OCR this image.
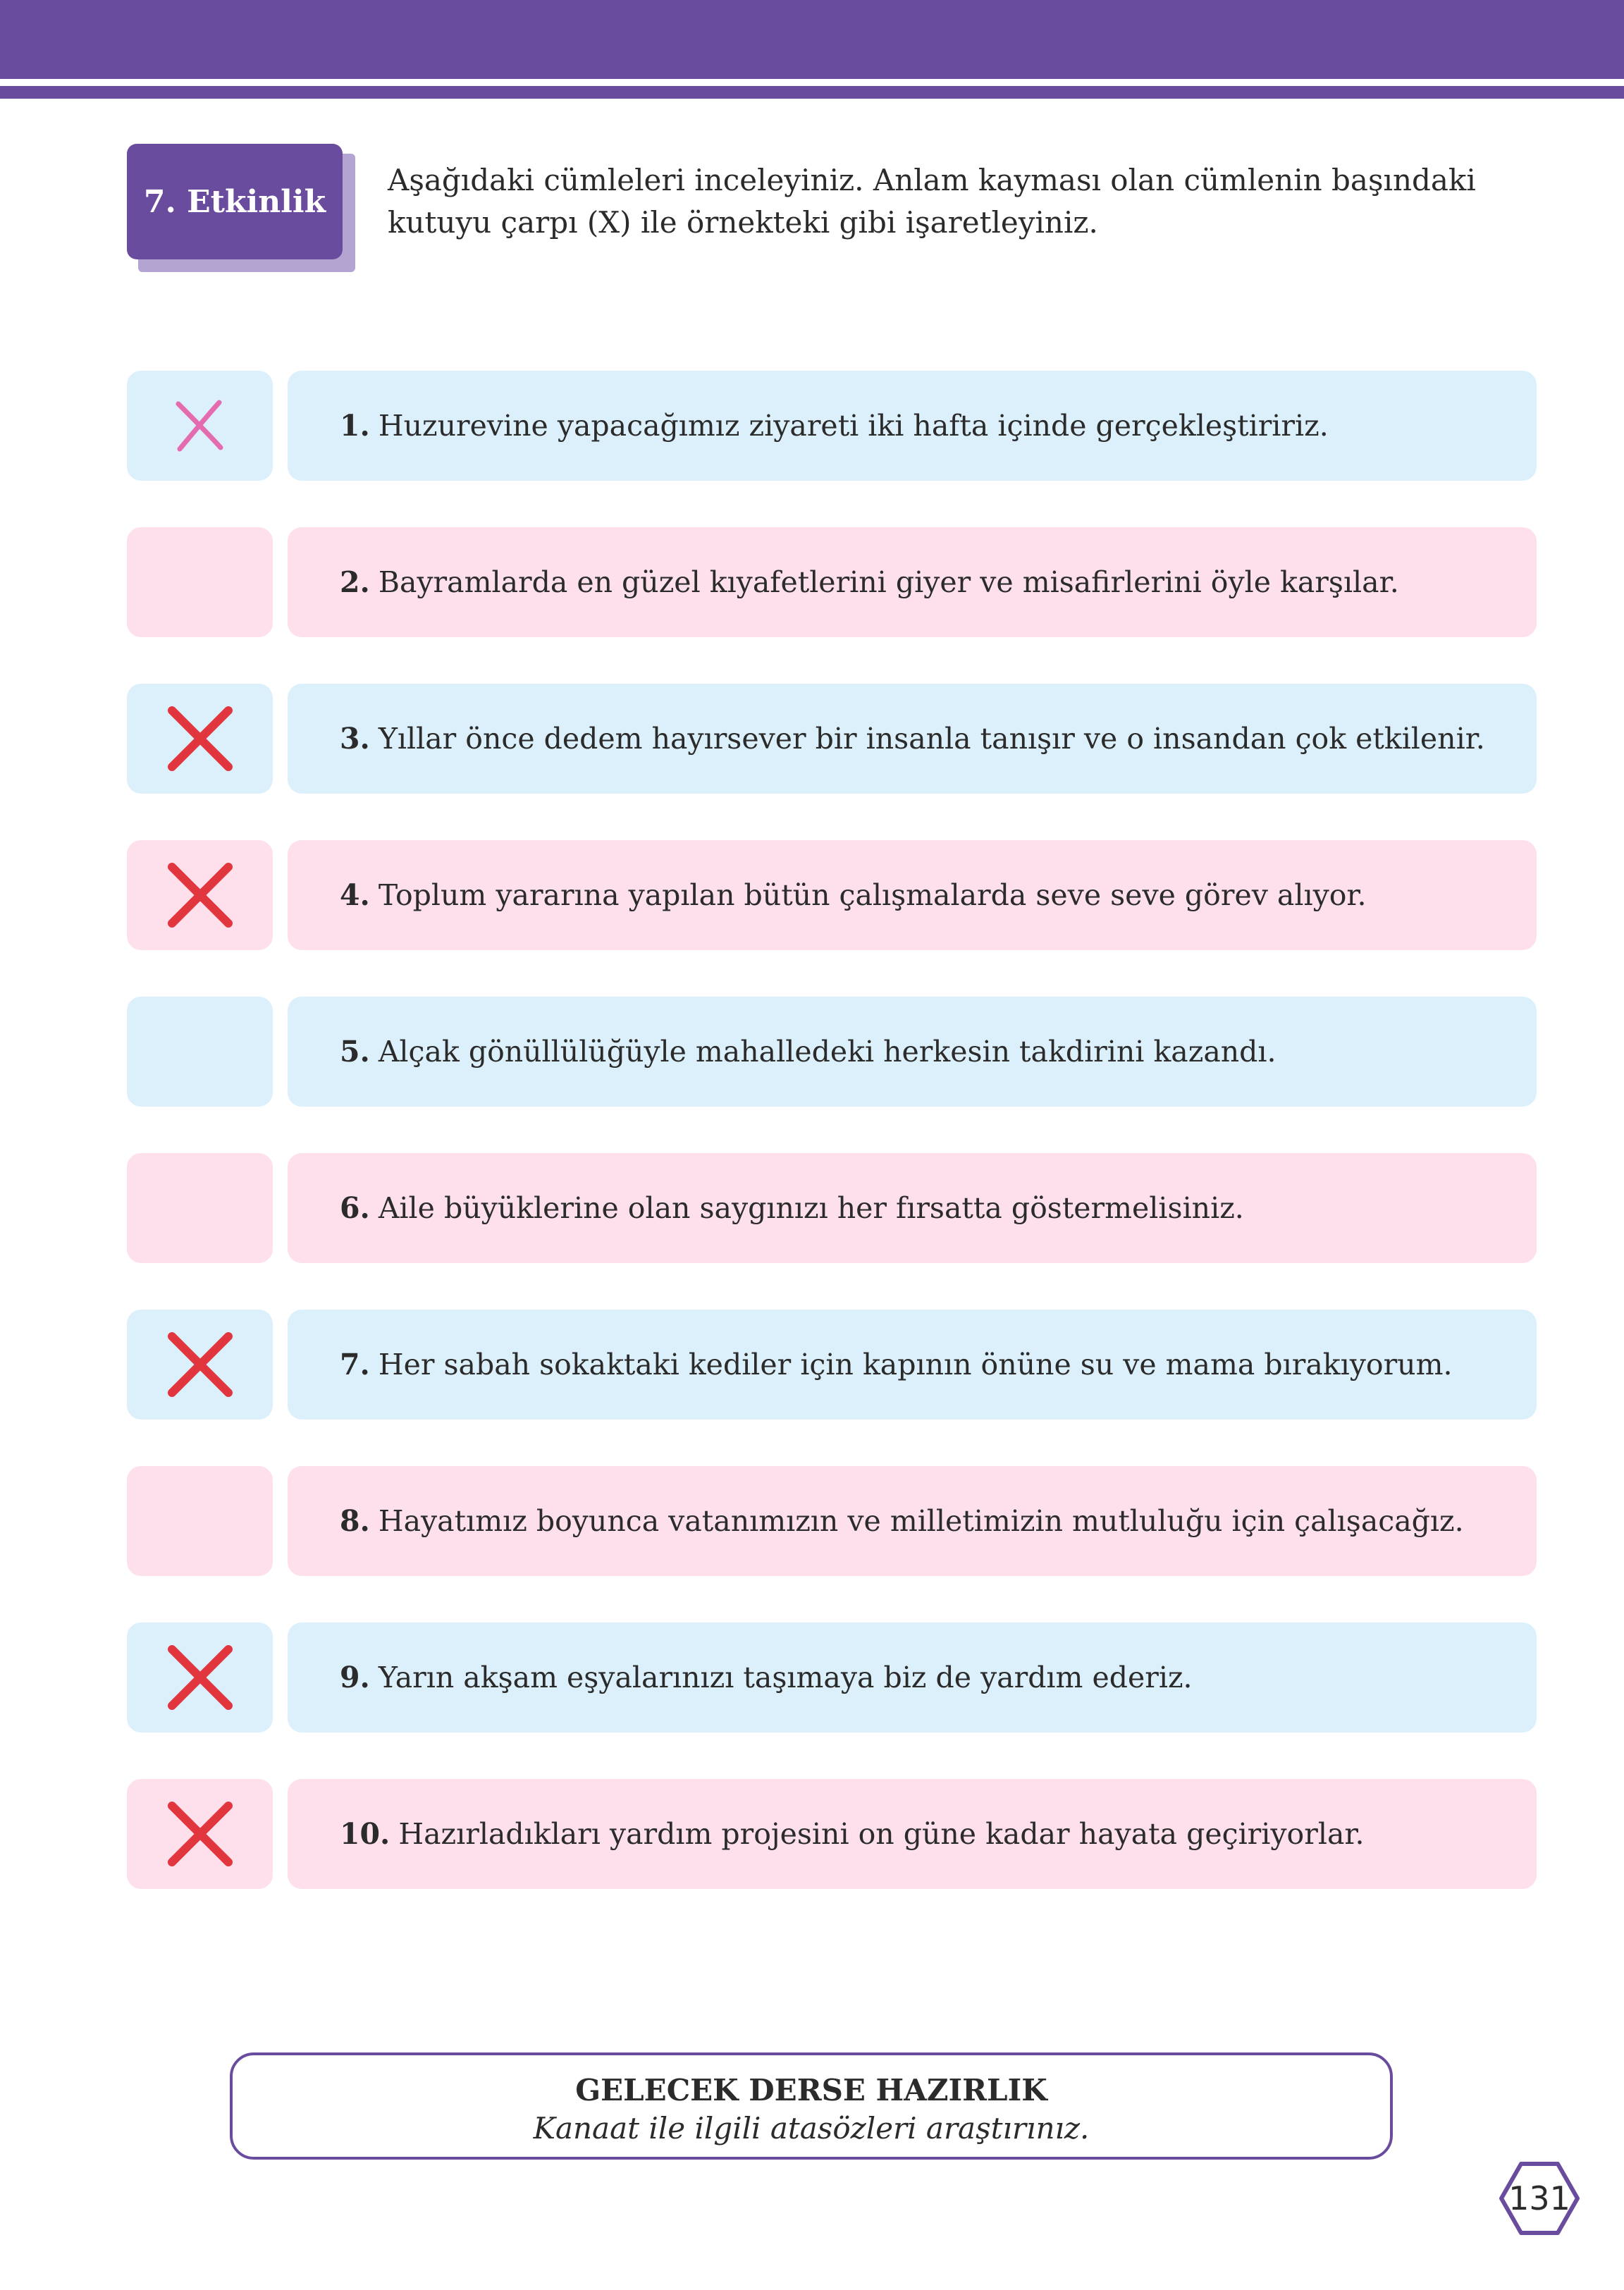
7. Etkinlik
Aşağıdaki cümleleri inceleyiniz. Anlam kayması olan cümlenin başındaki kutuyu çarpı (X) ile örnekteki gibi işaretleyiniz.
1. Huzurevine yapacağımız ziyareti iki hafta içinde gerçekleştiririz.
2. Bayramlarda en güzel kıyafetlerini giyer ve misafirlerini öyle karşılar.
3. Yıllar önce dedem hayırsever bir insanla tanışır ve o insandan çok etkilenir.
4. Toplum yararına yapılan bütün çalışmalarda seve seve görev alıyor.
5. Alçak gönüllülüğüyle mahalledeki herkesin takdirini kazandı.
6. Aile büyüklerine olan saygınızı her fırsatta göstermelisiniz.
7. Her sabah sokaktaki kediler için kapının önüne su ve mama bırakıyorum.
8. Hayatımız boyunca vatanımızın ve milletimizin mutluluğu için çalışacağız.
9. Yarın akşam eşyalarınızı taşımaya biz de yardım ederiz.
10. Hazırladıkları yardım projesini on güne kadar hayata geçiriyorlar.
GELECEK DERSE HAZIRLIK
Kanaat ile ilgili atasözleri araştırınız.
131
